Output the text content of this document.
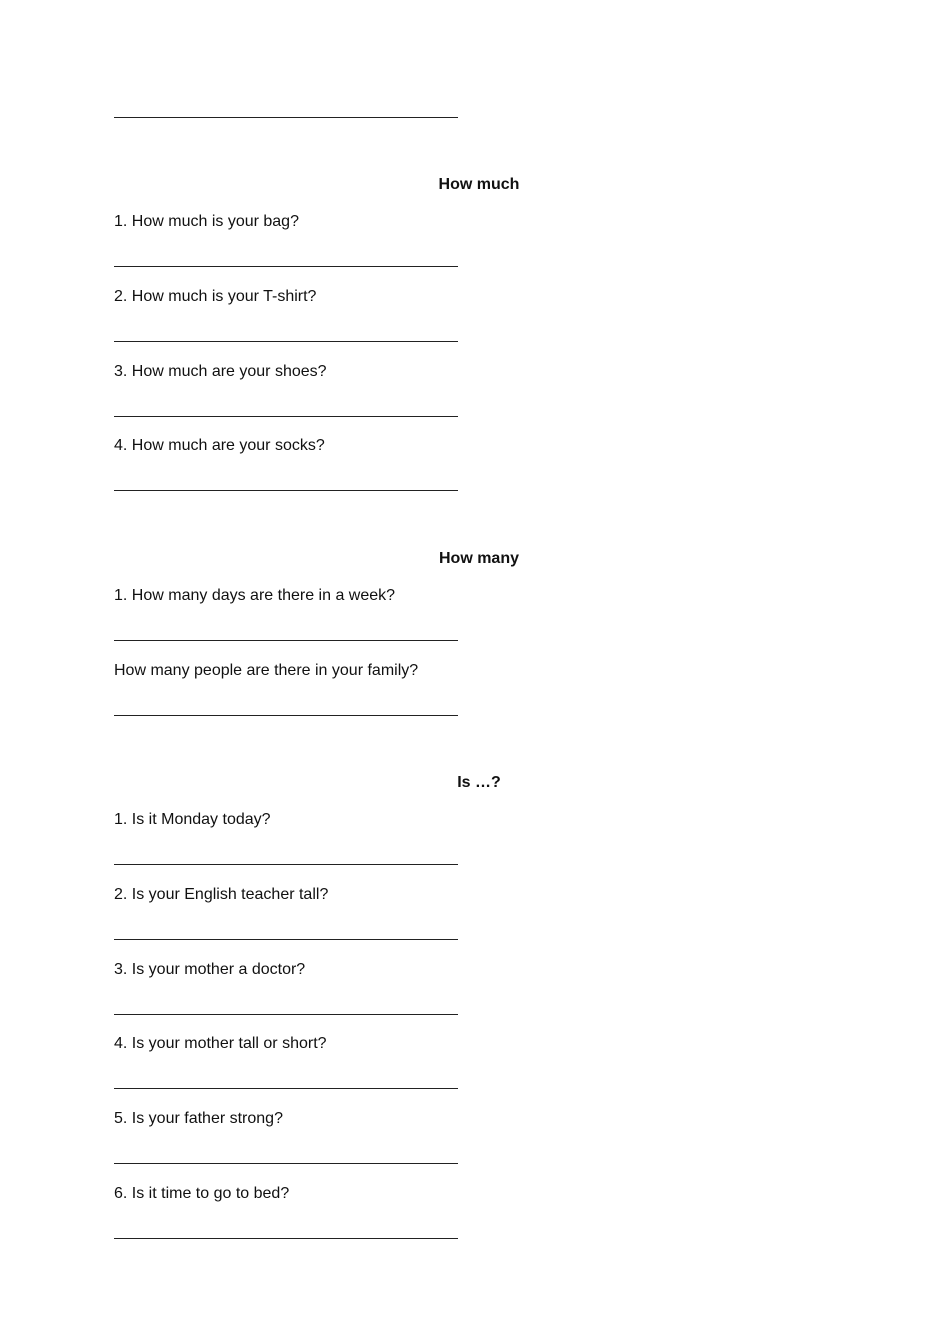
How much

1. How much is your bag?

2. How much is your T-shirt?

3. How much are your shoes?

4. How much are your socks?

How many

1. How many days are there in a week?

How many people are there in your family?

Is …?

1. Is it Monday today?

2. Is your English teacher tall?

3. Is your mother a doctor?

4. Is your mother tall or short?

5. Is your father strong?

6. Is it time to go to bed?
